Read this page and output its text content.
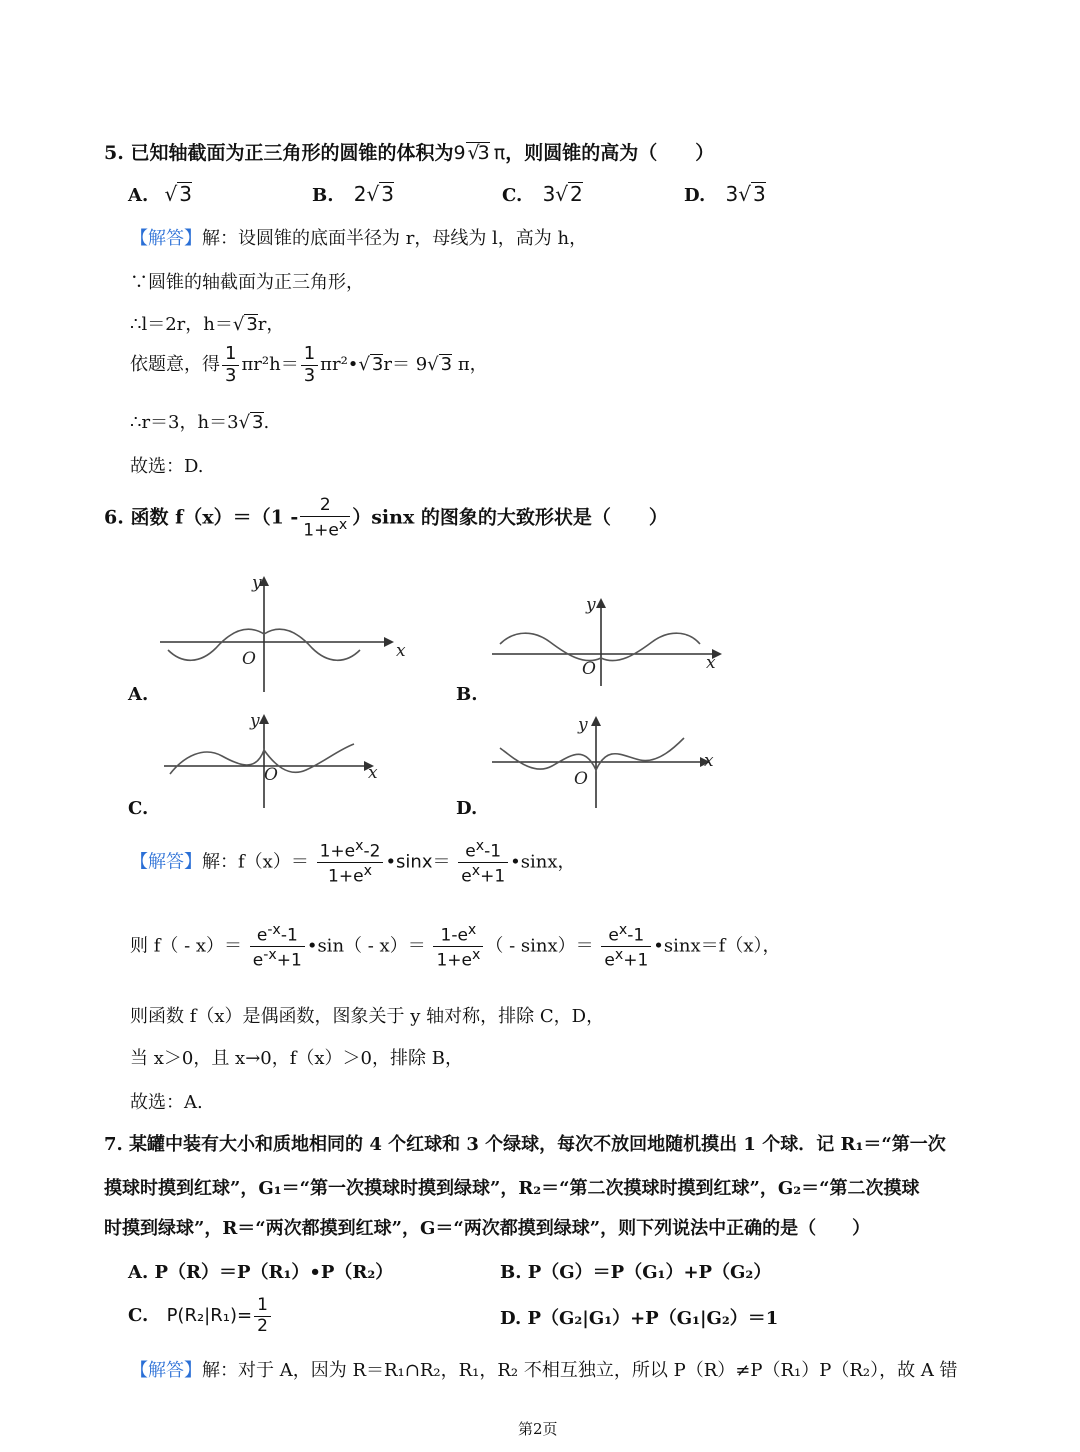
5. 已知轴截面为正三角形的圆锥的体积为9 √3 π，则圆锥的高为（　　）
A. √ 3	B. 2√ 3	C. 3√ 2	D. 3√ 3
【解答】解：设圆锥的底面半径为 r，母线为 l，高为 h，
∵圆锥的轴截面为正三角形，
∴l＝2r，h＝√ 3r，
依题意，得 $\frac{1}{3} \pi r^2h= \frac{1}{3}$ πr²•√ 3r＝ 9√ 3 π，
∴r＝3，h＝3√ 3.
故选：D.
6. 函数 $f(x)=(1 - \frac{2}{1+e^x} )\sin x$ 的图象的大致形状是（　　）
x
y
O
A.
x
y
O
B.
x
y
O
C.
x
y
O
D.
【解答】解：$f(x)= \frac{1+e^x-2}{1+e^x}$ •sinx＝ $\frac{e^x-1}{e^x+1}$ •sinx，
则 $f( - x)= \frac{e^{-x}-1}{e^{-x}+1}$ •sin（ - $x)= \frac{1-e^x}{1+e^x}$ （ - $\sin x)= \frac{e^x-1}{e^x+1}$ •sinx＝f（x），
则函数 f（x）是偶函数，图象关于 y 轴对称，排除 C，D，
当 x＞0，且 x→0，f（x）＞0，排除 B，
故选：A.
7. 某罐中装有大小和质地相同的 4 个红球和 3 个绿球，每次不放回地随机摸出 1 个球．记 R₁＝“第一次
摸球时摸到红球”，G₁＝“第一次摸球时摸到绿球”，R₂＝“第二次摸球时摸到红球”，G₂＝“第二次摸球
时摸到绿球”，R＝“两次都摸到红球”，G＝“两次都摸到绿球”，则下列说法中正确的是（　　）
A. P（R）＝P（R₁）•P（R₂）	B. P（G）＝P（G₁）+P（G₂）
C. $P(R_2|R_1)= \frac{1}{2}$	D. P（G₂|G₁）+P（G₁|G₂）＝1
【解答】解：对于 A，因为 R＝R₁∩R₂，R₁，R₂ 不相互独立，所以 P（R）≠P（R₁）P（R₂），故 A 错
第2页
